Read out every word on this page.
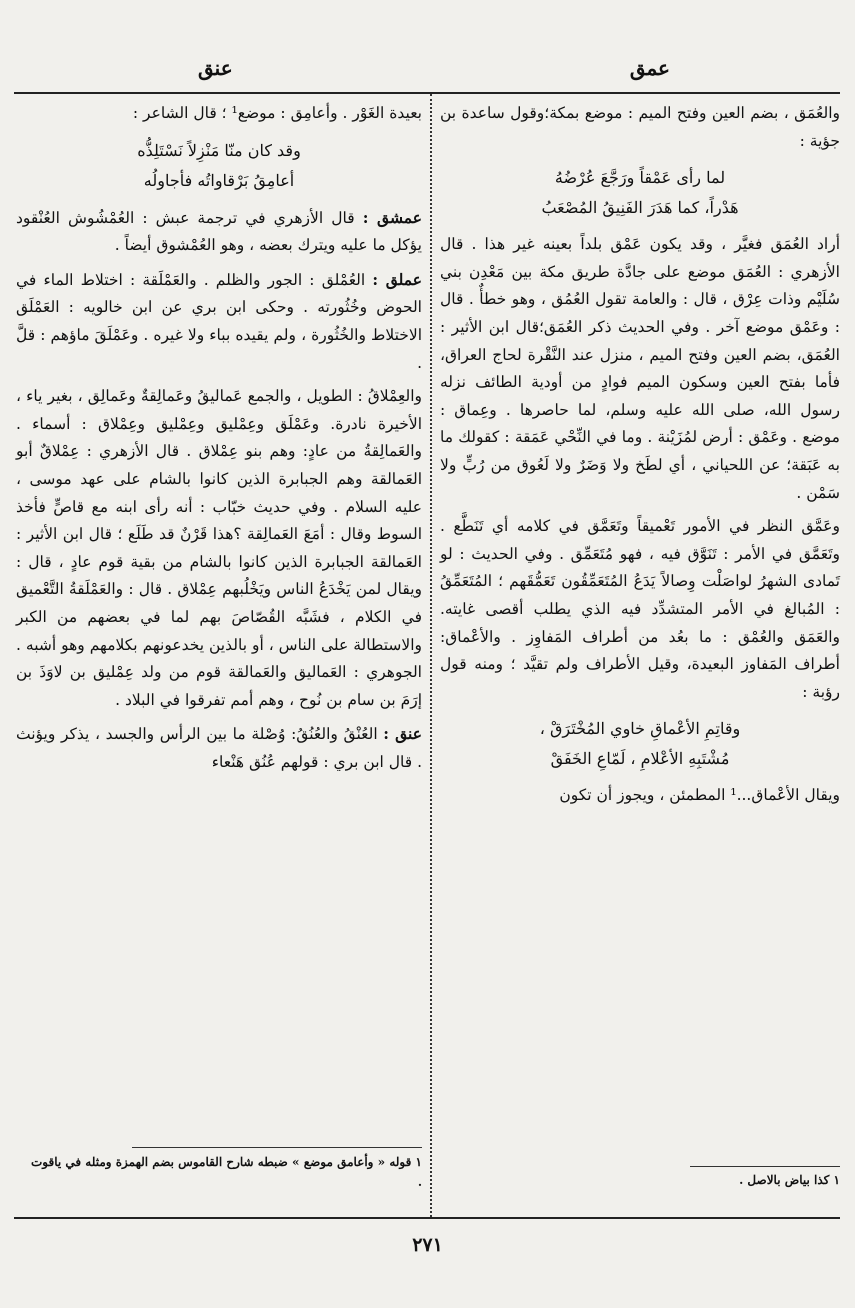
عمق
عنق

والعُمَق ، بضم العين وفتح الميم : موضع بمكة؛وقول ساعدة بن جؤية :

لما رأى عَمْقاً ورَجَّعَ عُرْضُهُ
هَدْراً، كما هَدَرَ الفَنِيقُ المُصْعَبُ

أراد العُمَق فغيَّر ، وقد يكون عَمْق بلداً بعينه غير هذا . قال الأزهري : العُمَق موضع على جادَّة طريق مكة بين مَعْدِن بني سُلَيْم وذات عِرْق ، قال : والعامة تقول العُمُق ، وهو خطأٌ . قال : وعَمْق موضع آخر . وفي الحديث ذكر العُمَق؛قال ابن الأثير : العُمَق، بضم العين وفتح الميم ، منزل عند النَّقْرة لحاج العراق، فأما بفتح العين وسكون الميم فوادٍ من أودية الطائف نزله رسول الله، صلى الله عليه وسلم، لما حاصرها . وعِماق : موضع . وعَمْق : أرض لمُزَيْنة . وما في النِّحْي عَمَقة : كقولك ما به عَبَقة؛ عن اللحياني ، أي لطَخ ولا وَضَرٌ ولا لَعُوق من رُبٍّ ولا سَمْن .

وعَمَّق النظر في الأمور تَعْميقاً وتَعَمَّق في كلامه أي تَنَطَّع . وتَعَمَّق في الأمر : تَنَوَّق فيه ، فهو مُتَعَمِّق . وفي الحديث : لو تَمادى الشهرُ لواصَلْت وِصالاً يَدَعُ المُتَعَمِّقُون تَعَمُّقَهم ؛ المُتَعَمِّقُ : المُبالغ في الأمر المتشدِّد فيه الذي يطلب أقصى غايته. والعَمَق والعُمْق : ما بعُد من أطراف المَفاوِز . والأعْماق: أطراف المَفاوز البعيدة، وقيل الأطراف ولم تقيَّد ؛ ومنه قول رؤبة :

وقاتِمِ الأعْماقِ خاوي المُخْتَرَقْ ،
مُشْتَبِهِ الأعْلامِ ، لَمّاعِ الخَفَقْ

ويقال الأعْماق...¹ المطمئن ، ويجوز أن تكون

بعيدة الغَوْر . وأعامِق : موضع¹ ؛ قال الشاعر :

وقد كان منّا مَنْزِلاً نَسْتَلِذُّه
أعامِقُ بَرْقاواتُه فأجاولُه

عمشق : قال الأزهري في ترجمة عبش : العُمْشُوش العُنْقود يؤكل ما عليه ويترك بعضه ، وهو العُمْشوق أيضاً .

عملق : العُمْلق : الجور والظلم . والعَمْلَقة : اختلاط الماء في الحوض وخُثُورته . وحكى ابن بري عن ابن خالويه : العَمْلَق الاختلاط والخُثُورة ، ولم يقيده بباء ولا غيره . وعَمْلَقَ ماؤهم : قلَّ .

والعِمْلاقُ : الطويل ، والجمع عَماليقُ وعَمالِقةٌ وعَمالِق ، بغير ياء ، الأخيرة نادرة. وعَمْلَق وعِمْليق وعِمْليق وعِمْلاق : أسماء . والعَمالِقةُ من عادٍ: وهم بنو عِمْلاق . قال الأزهري : عِمْلاقٌ أبو العَمالقة وهم الجبابرة الذين كانوا بالشام على عهد موسى ، عليه السلام . وفي حديث خبّاب : أنه رأى ابنه مع قاصٍّ فأخذ السوط وقال : أمَعَ العَمالِقة ؟هذا قَرْنٌ قد طَلَع ؛ قال ابن الأثير : العَمالقة الجبابرة الذين كانوا بالشام من بقية قوم عادٍ ، قال : ويقال لمن يَخْدَعُ الناس ويَخْلُبهم عِمْلاق . قال : والعَمْلَقةُ التَّعْميق في الكلام ، فشَبَّه القُصّاصَ بهم لما في بعضهم من الكبر والاستطالة على الناس ، أو بالذين يخدعونهم بكلامهم وهو أشبه . الجوهري : العَماليق والعَمالقة قوم من ولد عِمْليق بن لاوَذَ بن إرَمَ بن سام بن نُوح ، وهم أمم تفرقوا في البلاد .

عنق : العُنْقُ والعُنُقُ: وُصْلة ما بين الرأس والجسد ، يذكر ويؤنث . قال ابن بري : قولهم عُنُق هَنْعاء

١ قوله « وأعامق موضع » ضبطه شارح القاموس بضم الهمزة ومثله في ياقوت .	١ كذا بياض بالاصل .
٢٧١
